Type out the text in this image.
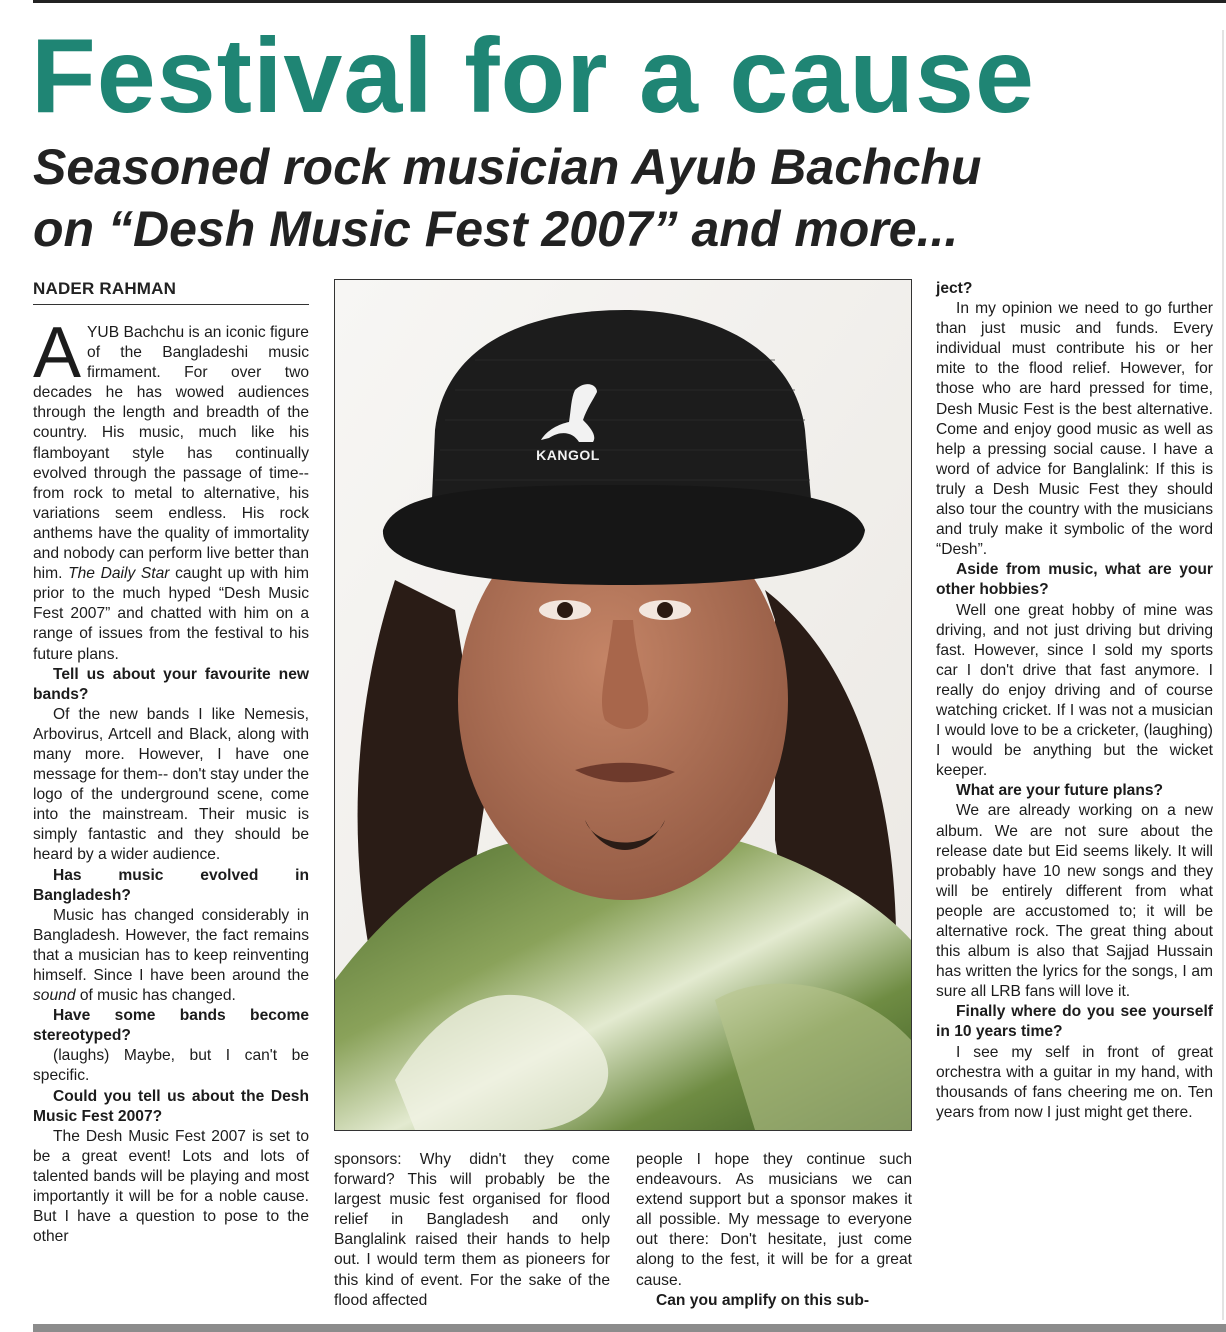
Festival for a cause
Seasoned rock musician Ayub Bachchu
on “Desh Music Fest 2007” and more...
NADER RAHMAN

AYUB Bachchu is an iconic figure of the Bangladeshi music firmament. For over two decades he has wowed audiences through the length and breadth of the country. His music, much like his flamboyant style has continually evolved through the passage of time--from rock to metal to alternative, his variations seem endless. His rock anthems have the quality of immortality and nobody can perform live better than him. The Daily Star caught up with him prior to the much hyped “Desh Music Fest 2007” and chatted with him on a range of issues from the festival to his future plans.

Tell us about your favourite new bands?

Of the new bands I like Nemesis, Arbovirus, Artcell and Black, along with many more. However, I have one message for them-- don't stay under the logo of the underground scene, come into the mainstream. Their music is simply fantastic and they should be heard by a wider audience.

Has music evolved in Bangladesh?

Music has changed considerably in Bangladesh. However, the fact remains that a musician has to keep reinventing himself. Since I have been around the sound of music has changed.

Have some bands become stereotyped?

(laughs) Maybe, but I can't be specific.

Could you tell us about the Desh Music Fest 2007?

The Desh Music Fest 2007 is set to be a great event! Lots and lots of talented bands will be playing and most importantly it will be for a noble cause. But I have a question to pose to the other

KANGOL

sponsors: Why didn't they come forward? This will probably be the largest music fest organised for flood relief in Bangladesh and only Banglalink raised their hands to help out. I would term them as pioneers for this kind of event. For the sake of the flood affected

people I hope they continue such endeavours. As musicians we can extend support but a sponsor makes it all possible. My message to everyone out there: Don't hesitate, just come along to the fest, it will be for a great cause.

Can you amplify on this sub-

ject?

In my opinion we need to go further than just music and funds. Every individual must contribute his or her mite to the flood relief. However, for those who are hard pressed for time, Desh Music Fest is the best alternative. Come and enjoy good music as well as help a pressing social cause. I have a word of advice for Banglalink: If this is truly a Desh Music Fest they should also tour the country with the musicians and truly make it symbolic of the word “Desh”.

Aside from music, what are your other hobbies?

Well one great hobby of mine was driving, and not just driving but driving fast. However, since I sold my sports car I don't drive that fast anymore. I really do enjoy driving and of course watching cricket. If I was not a musician I would love to be a cricketer, (laughing) I would be anything but the wicket keeper.

What are your future plans?

We are already working on a new album. We are not sure about the release date but Eid seems likely. It will probably have 10 new songs and they will be entirely different from what people are accustomed to; it will be alternative rock. The great thing about this album is also that Sajjad Hussain has written the lyrics for the songs, I am sure all LRB fans will love it.

Finally where do you see yourself in 10 years time?

I see my self in front of great orchestra with a guitar in my hand, with thousands of fans cheering me on. Ten years from now I just might get there.
